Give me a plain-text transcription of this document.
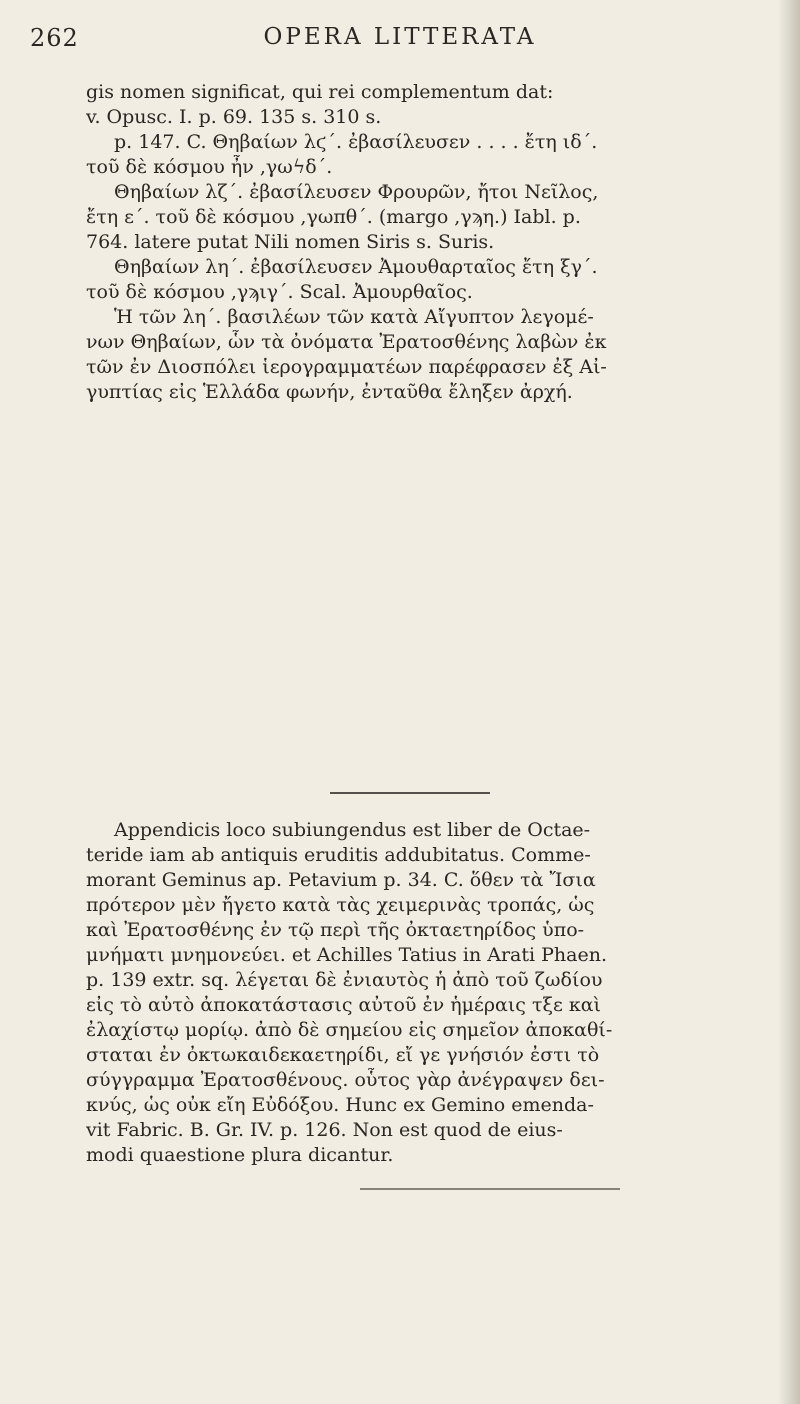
262	OPERA LITTERATA
gis nomen significat, qui rei complementum dat:
v. Opusc. I. p. 69. 135 s. 310 s.
p. 147. C. Θηβαίων λϛ΄. ἐβασίλευσεν . . . . ἔτη ιδ΄.
τοῦ δὲ κόσμου ἦν ,γωϟδ΄.
Θηβαίων λζ΄. ἐβασίλευσεν Φρουρῶν, ἤτοι Νεῖλος,
ἔτη ε΄. τοῦ δὲ κόσμου ,γωπθ΄. (margo ,γϡη.) Iabl. p.
764. latere putat Nili nomen Siris s. Suris.
Θηβαίων λη΄. ἐβασίλευσεν Ἀμουθαρταῖος ἔτη ξγ΄.
τοῦ δὲ κόσμου ,γϡιγ΄. Scal. Ἀμουρθαῖος.
Ἡ τῶν λη΄. βασιλέων τῶν κατὰ Αἴγυπτον λεγομέ-
νων Θηβαίων, ὧν τὰ ὀνόματα Ἐρατοσθένης λαβὼν ἐκ
τῶν ἐν Διοσπόλει ἱερογραμματέων παρέφρασεν ἐξ Αἰ-
γυπτίας εἰς Ἑλλάδα φωνήν, ἐνταῦθα ἔληξεν ἀρχή.
Appendicis loco subiungendus est liber de Octae-
teride iam ab antiquis eruditis addubitatus. Comme-
morant Geminus ap. Petavium p. 34. C. ὅθεν τὰ Ἴσια
πρότερον μὲν ἤγετο κατὰ τὰς χειμερινὰς τροπάς, ὡς
καὶ Ἐρατοσθένης ἐν τῷ περὶ τῆς ὀκταετηρίδος ὑπο-
μνήματι μνημονεύει. et Achilles Tatius in Arati Phaen.
p. 139 extr. sq. λέγεται δὲ ἐνιαυτὸς ἡ ἀπὸ τοῦ ζωδίου
εἰς τὸ αὐτὸ ἀποκατάστασις αὐτοῦ ἐν ἡμέραις τξε καὶ
ἐλαχίστῳ μορίῳ. ἀπὸ δὲ σημείου εἰς σημεῖον ἀποκαθί-
σταται ἐν ὀκτωκαιδεκαετηρίδι, εἴ γε γνήσιόν ἐστι τὸ
σύγγραμμα Ἐρατοσθένους. οὗτος γὰρ ἀνέγραψεν δει-
κνύς, ὡς οὐκ εἴη Εὐδόξου. Hunc ex Gemino emenda-
vit Fabric. B. Gr. IV. p. 126. Non est quod de eius-
modi quaestione plura dicantur.
